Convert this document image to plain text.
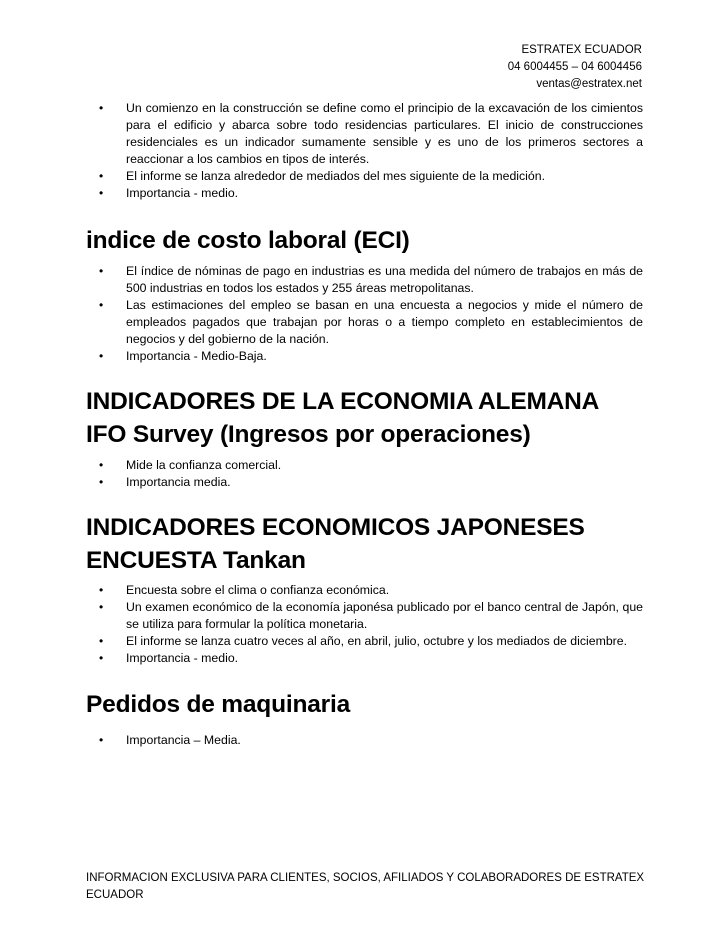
ESTRATEX ECUADOR
04 6004455 – 04 6004456
ventas@estratex.net
• Un comienzo en la construcción se define como el principio de la excavación de los cimientos para el edificio y abarca sobre todo residencias particulares. El inicio de construcciones residenciales es un indicador sumamente sensible y es uno de los primeros sectores a reaccionar a los cambios en tipos de interés.
• El informe se lanza alrededor de mediados del mes siguiente de la medición.
• Importancia - medio.
indice de costo laboral (ECI)
• El índice de nóminas de pago en industrias es una medida del número de trabajos en más de 500 industrias en todos los estados y 255 áreas metropolitanas.
• Las estimaciones del empleo se basan en una encuesta a negocios y mide el número de empleados pagados que trabajan por horas o a tiempo completo en establecimientos de negocios y del gobierno de la nación.
• Importancia - Medio-Baja.
INDICADORES DE LA ECONOMIA ALEMANA
IFO Survey (Ingresos por operaciones)
• Mide la confianza comercial.
• Importancia media.
INDICADORES ECONOMICOS JAPONESES
ENCUESTA Tankan
• Encuesta sobre el clima o confianza económica.
• Un examen económico de la economía japonésa publicado por el banco central de Japón, que se utiliza para formular la política monetaria.
• El informe se lanza cuatro veces al año, en abril, julio, octubre y los mediados de diciembre.
• Importancia - medio.
Pedidos de maquinaria
• Importancia – Media.
INFORMACION EXCLUSIVA PARA CLIENTES, SOCIOS, AFILIADOS Y COLABORADORES DE ESTRATEX ECUADOR
